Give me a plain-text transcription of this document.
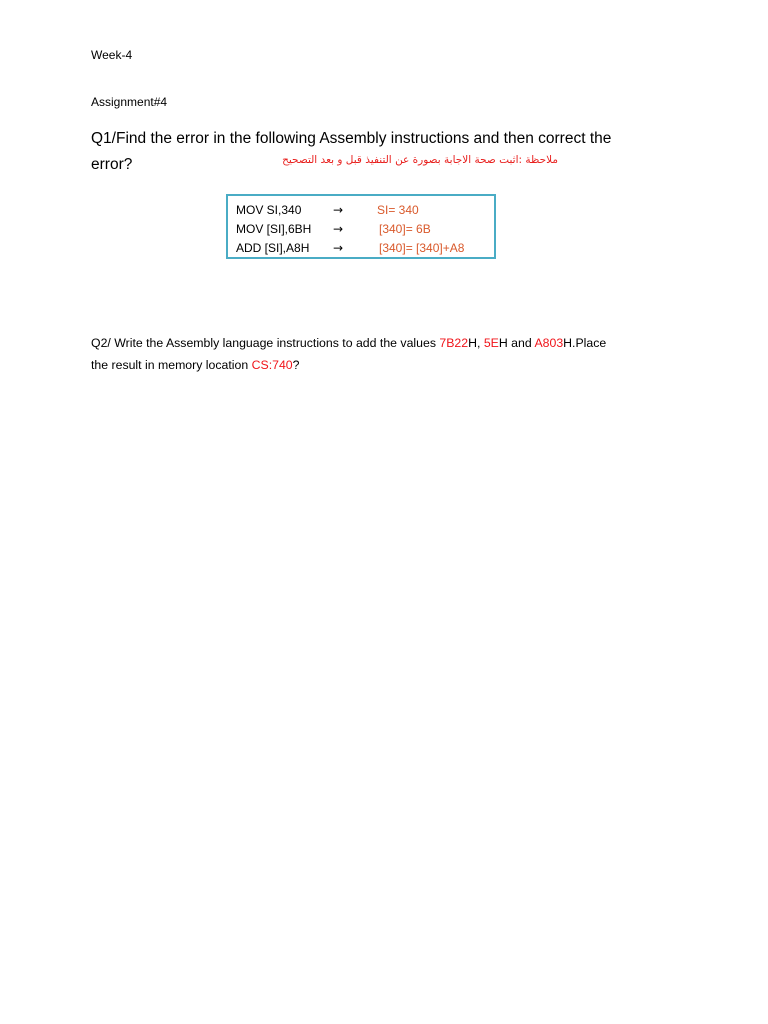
Week-4
Assignment#4
Q1/Find the error in the following Assembly instructions and then correct the
error?	ملاحظة :اثبت صحة الاجابة بصورة عن التنفيذ قبل و بعد التصحيح
MOV SI,340	→	SI= 340
MOV [SI],6BH →	[340]= 6B
ADD [SI],A8H →	[340]= [340]+A8
Q2/ Write the Assembly language instructions to add the values 7B22H, 5EH and A803H.Place
the result in memory location CS:740?
